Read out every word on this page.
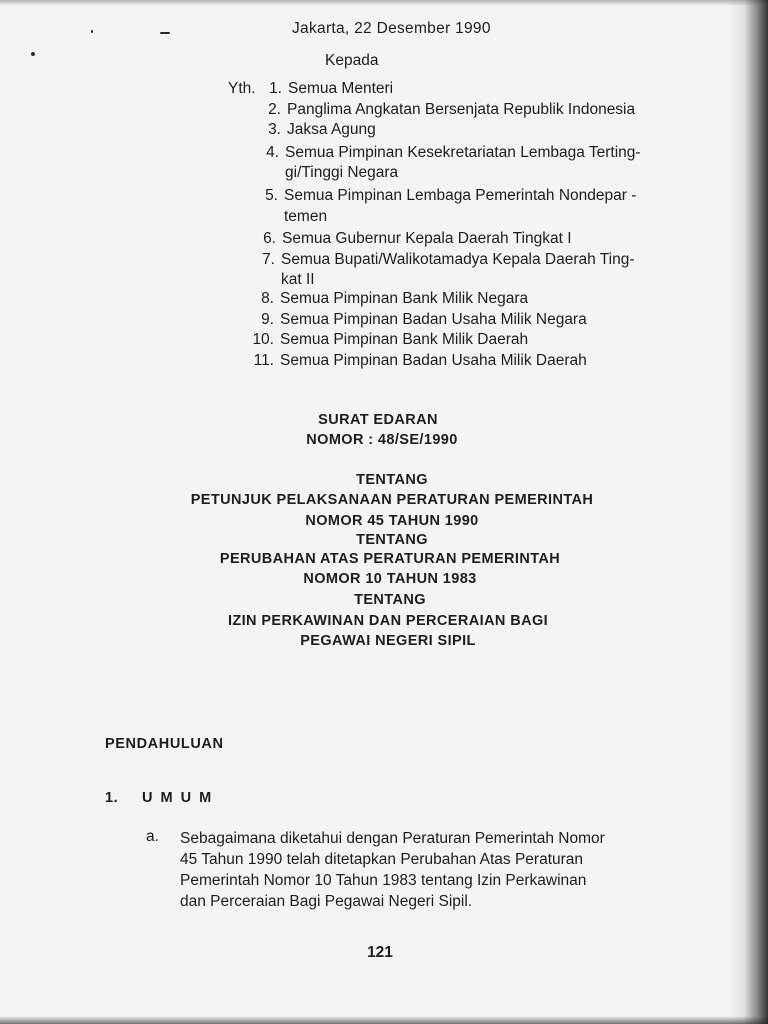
Jakarta, 22 Desember 1990
Kepada
Yth. 1. Semua Menteri
2. Panglima Angkatan Bersenjata Republik Indonesia
3. Jaksa Agung
4. Semua Pimpinan Kesekretariatan Lembaga Terting-
gi/Tinggi Negara
5. Semua Pimpinan Lembaga Pemerintah Nondepar -
temen
6. Semua Gubernur Kepala Daerah Tingkat I
7. Semua Bupati/Walikotamadya Kepala Daerah Ting-
kat II
8. Semua Pimpinan Bank Milik Negara
9. Semua Pimpinan Badan Usaha Milik Negara
10. Semua Pimpinan Bank Milik Daerah
11. Semua Pimpinan Badan Usaha Milik Daerah
SURAT EDARAN
NOMOR : 48/SE/1990
TENTANG
PETUNJUK PELAKSANAAN PERATURAN PEMERINTAH
NOMOR 45 TAHUN 1990
TENTANG
PERUBAHAN ATAS PERATURAN PEMERINTAH
NOMOR 10 TAHUN 1983
TENTANG
IZIN PERKAWINAN DAN PERCERAIAN BAGI
PEGAWAI NEGERI SIPIL
PENDAHULUAN
1. U M U M
a. Sebagaimana diketahui dengan Peraturan Pemerintah Nomor
45 Tahun 1990 telah ditetapkan Perubahan Atas Peraturan
Pemerintah Nomor 10 Tahun 1983 tentang Izin Perkawinan
dan Perceraian Bagi Pegawai Negeri Sipil.
121
